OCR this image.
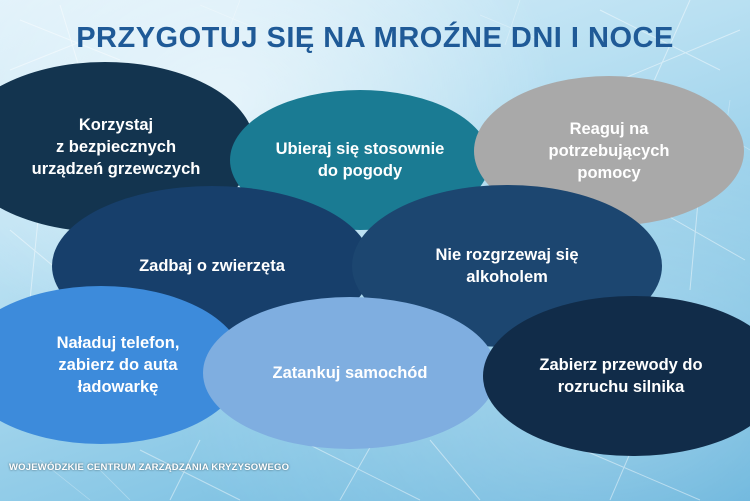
PRZYGOTUJ SIĘ NA MROŹNE DNI I NOCE
Korzystaj
z bezpiecznych
urządzeń grzewczych
Ubieraj się stosownie
do pogody
Reaguj na
potrzebujących
pomocy
Zadbaj o zwierzęta
Nie rozgrzewaj się
alkoholem
Naładuj telefon,
zabierz do auta
ładowarkę
Zatankuj samochód	Zabierz przewody do
rozruchu silnika
WOJEWÓDZKIE CENTRUM ZARZĄDZANIA KRYZYSOWEGO
